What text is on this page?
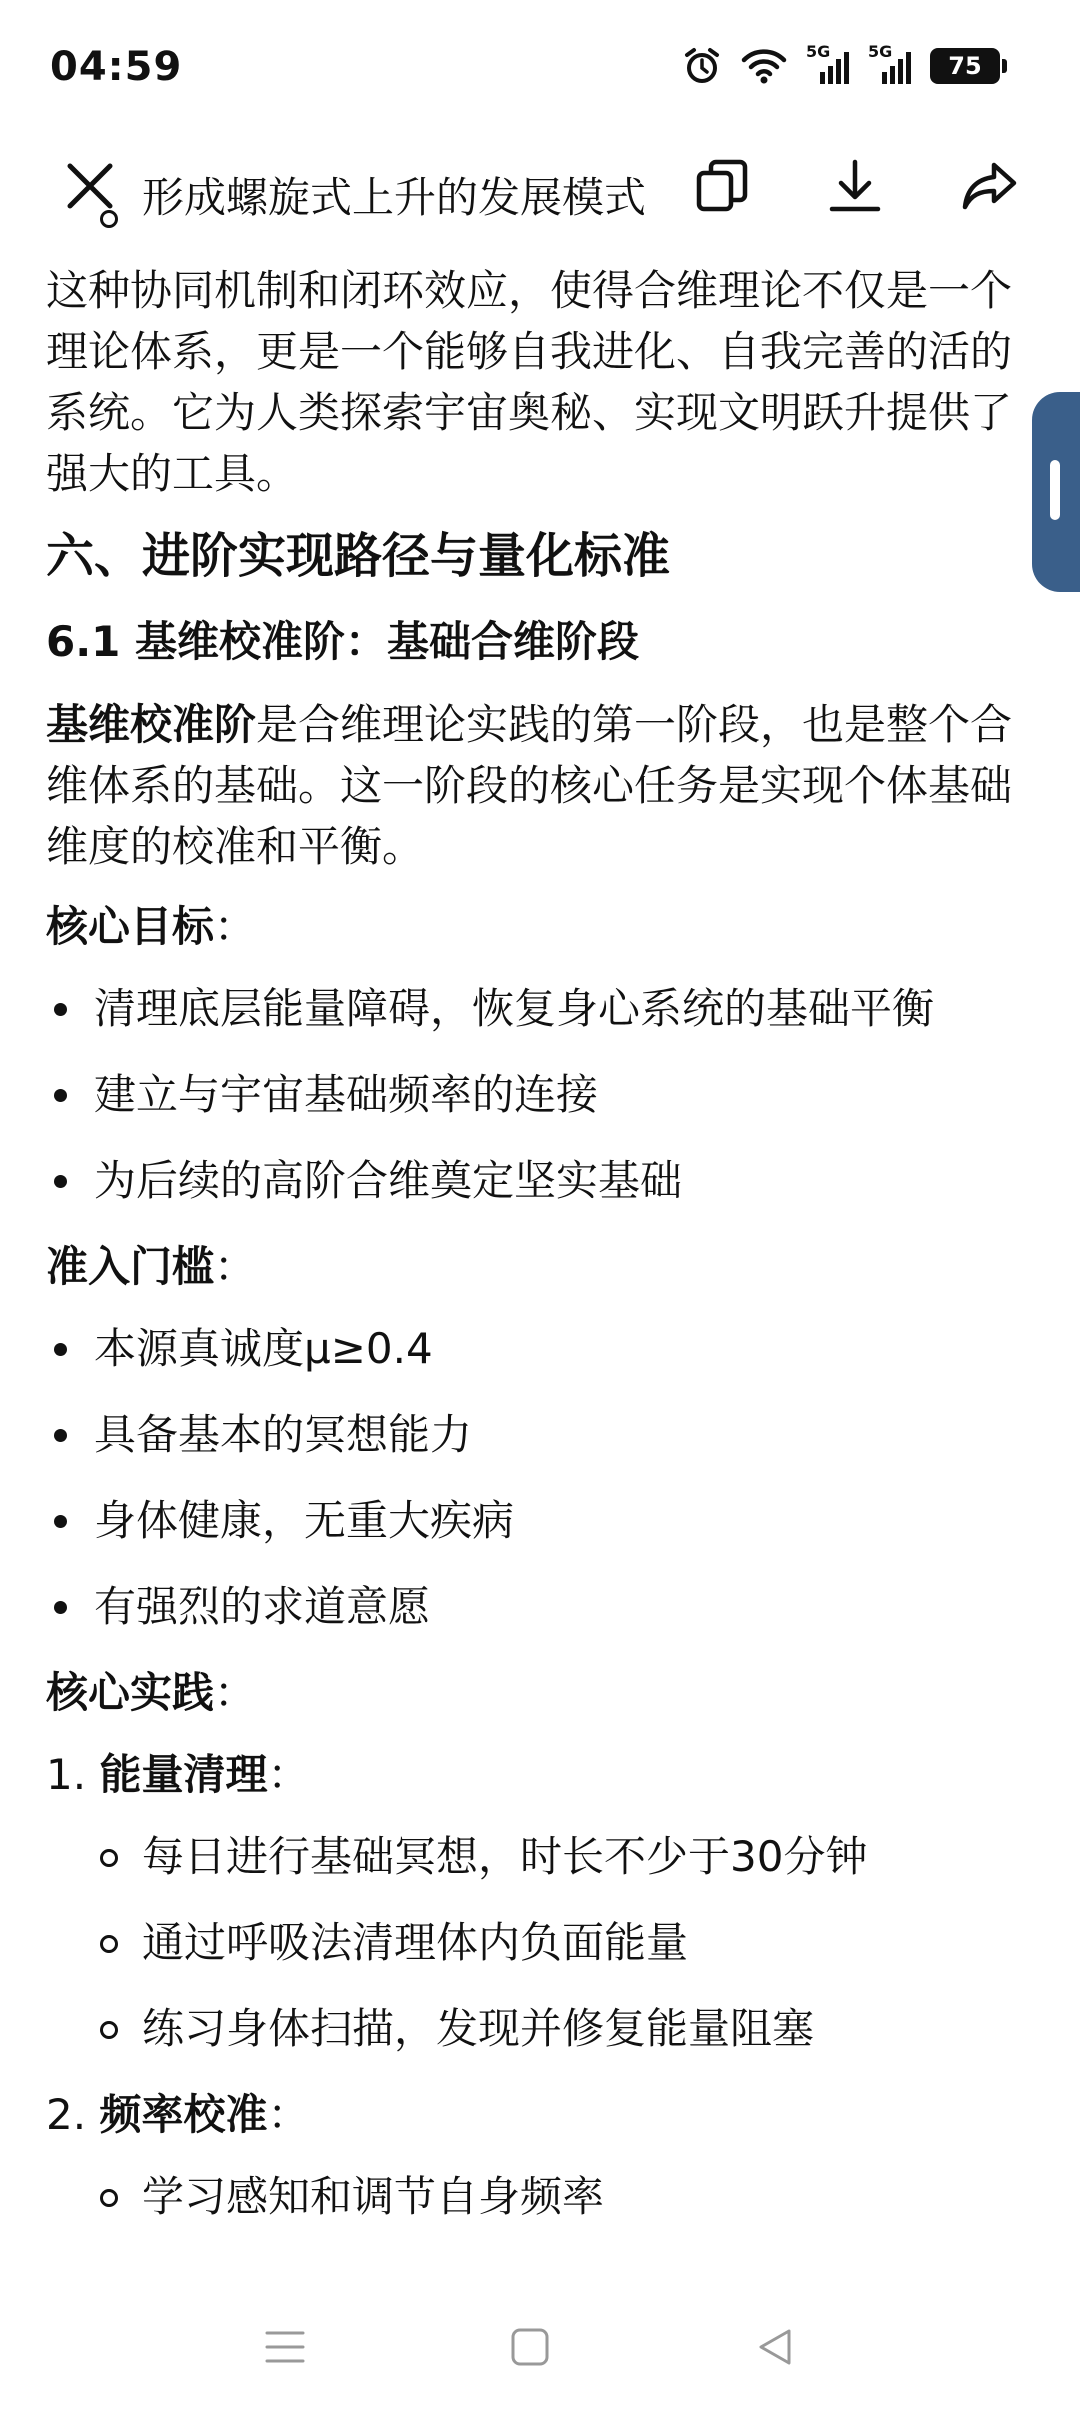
04:59	5G 5G
75
形成螺旋式上升的发展模式

这种协同机制和闭环效应，使得合维理论不仅是一个理论体系，更是一个能够自我进化、自我完善的活的系统。它为人类探索宇宙奥秘、实现文明跃升提供了强大的工具。

六、进阶实现路径与量化标准
6.1 基维校准阶：基础合维阶段

基维校准阶是合维理论实践的第一阶段，也是整个合维体系的基础。这一阶段的核心任务是实现个体基础维度的校准和平衡。

核心目标：
清理底层能量障碍，恢复身心系统的基础平衡
建立与宇宙基础频率的连接
为后续的高阶合维奠定坚实基础
准入门槛：
本源真诚度μ≥0.4
具备基本的冥想能力
身体健康，无重大疾病
有强烈的求道意愿
核心实践：
1. 能量清理：
每日进行基础冥想，时长不少于30分钟
通过呼吸法清理体内负面能量
练习身体扫描，发现并修复能量阻塞
2. 频率校准：
学习感知和调节自身频率
